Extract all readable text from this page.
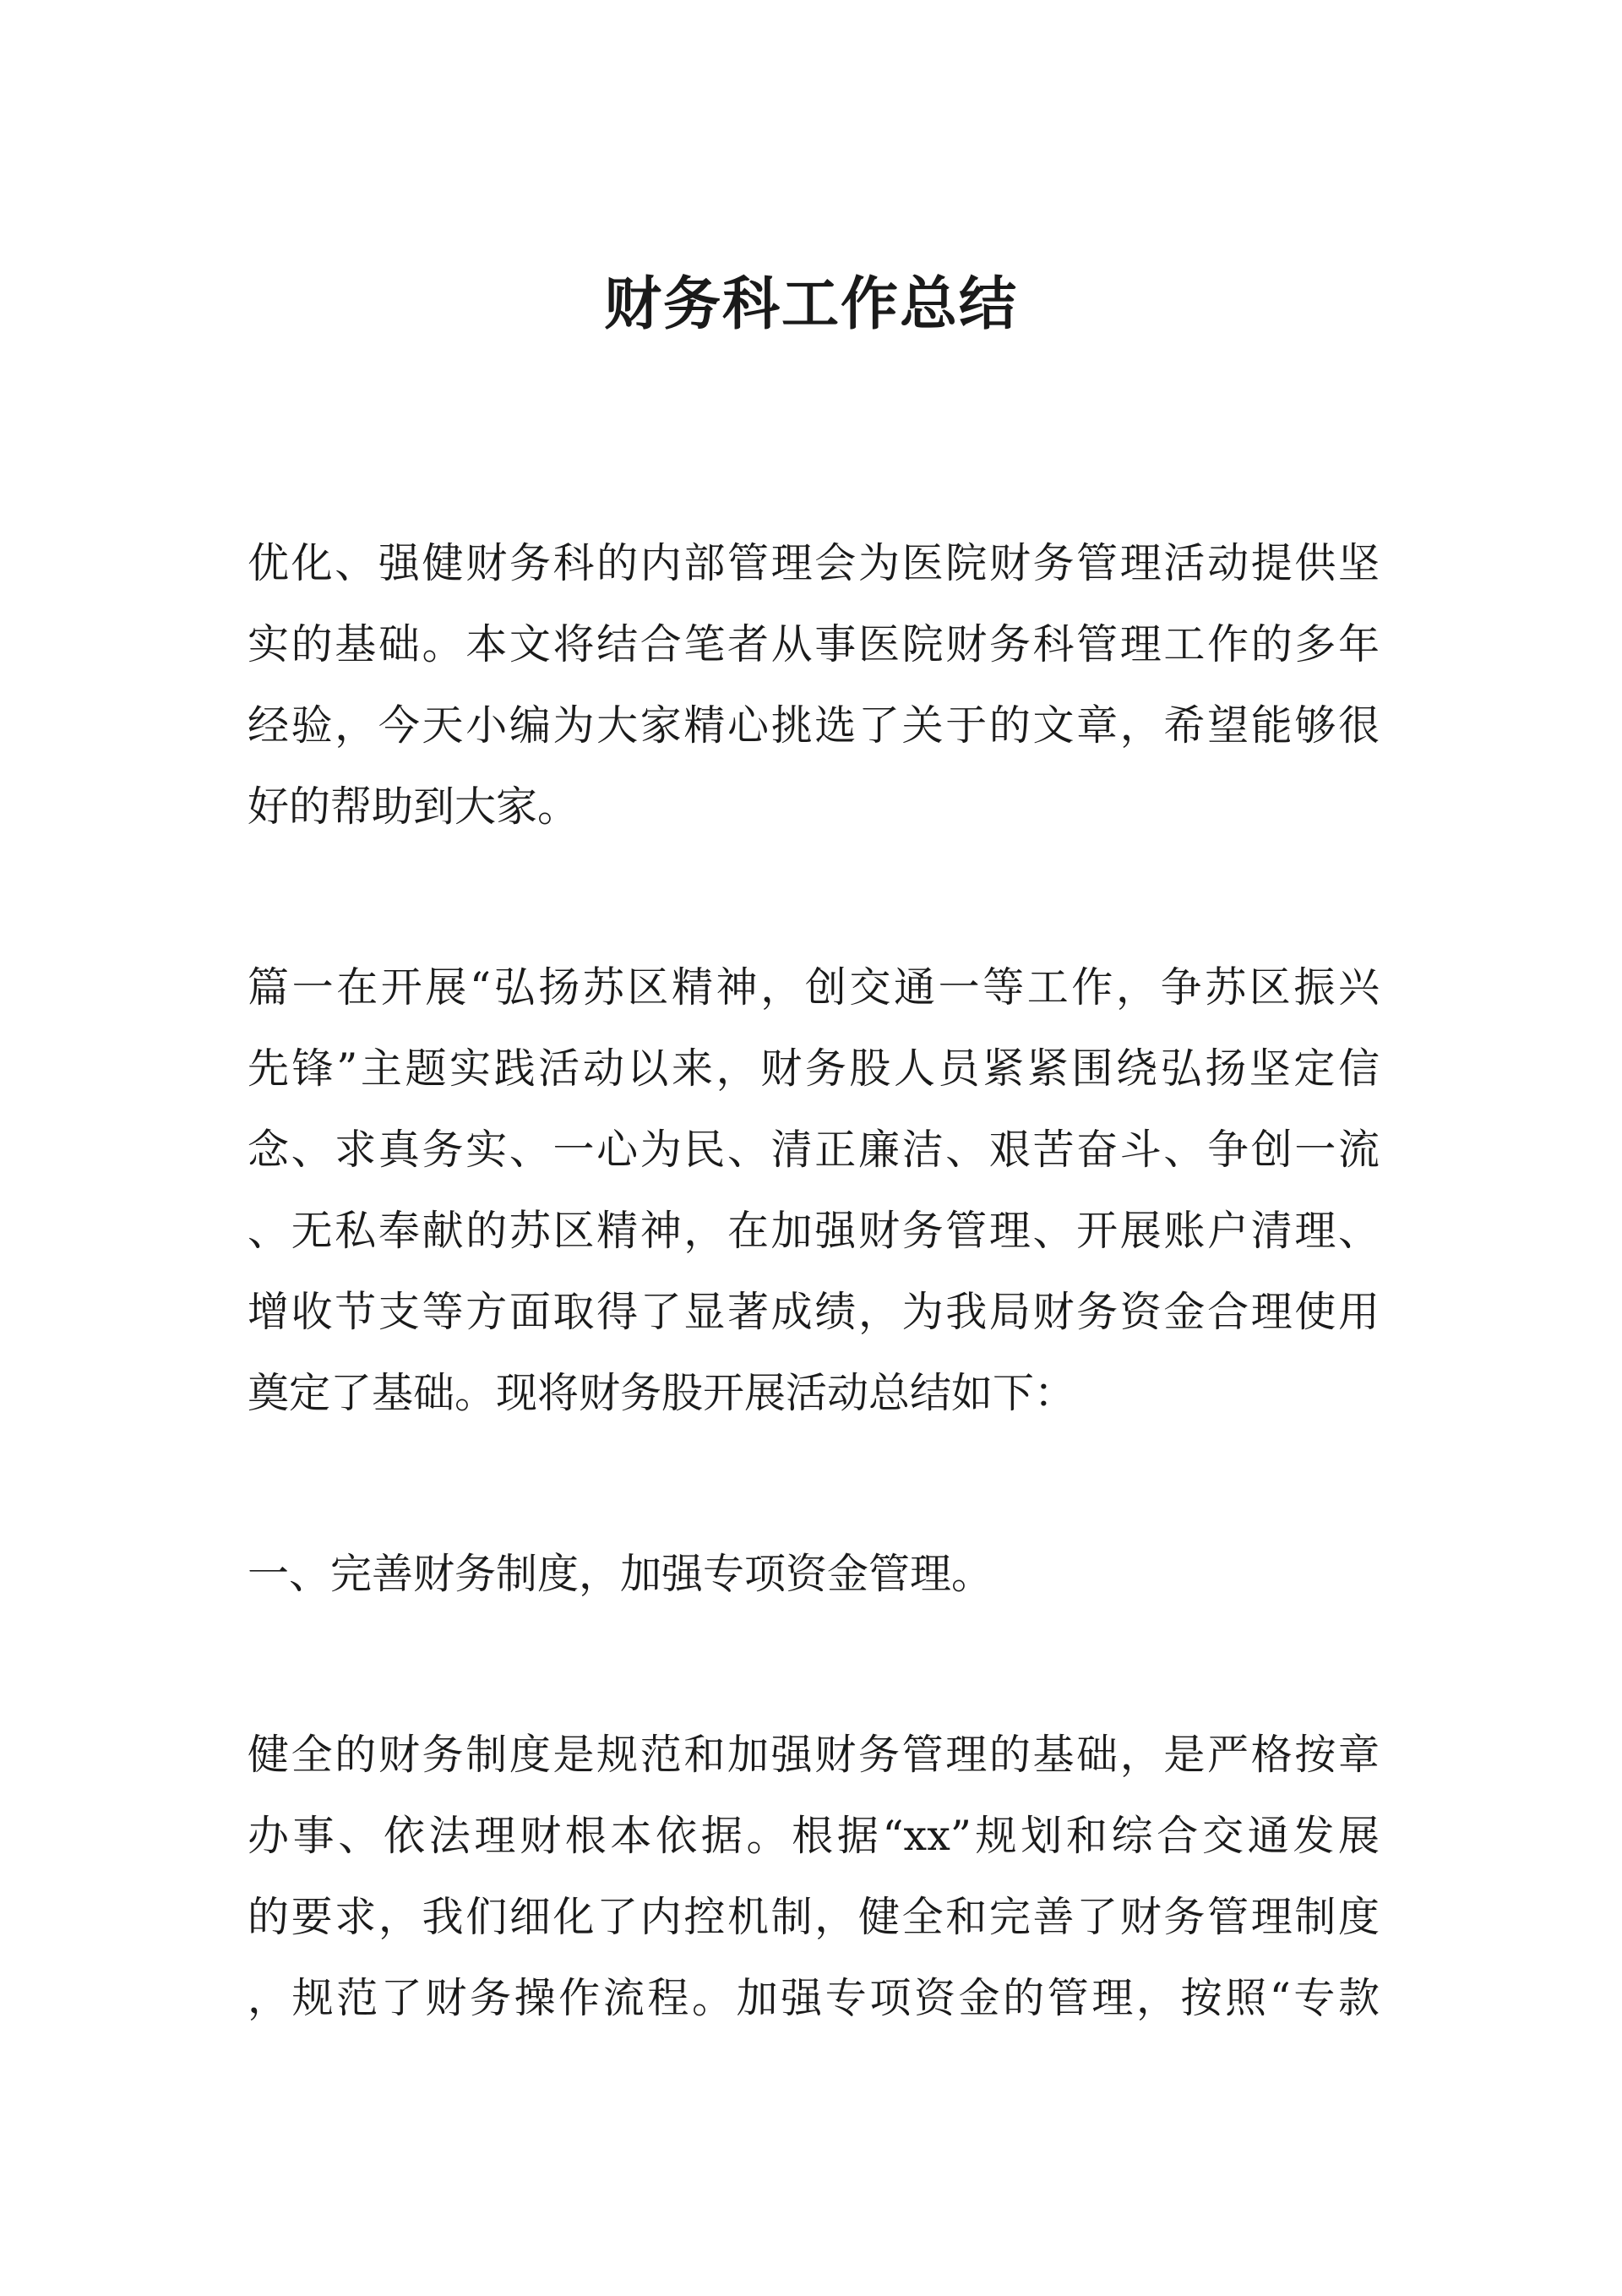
财务科工作总结

优化、强健财务科的内部管理会为医院财务管理活动提供坚

实的基础。本文将结合笔者从事医院财务科管理工作的多年

经验，今天小编为大家精心挑选了关于的文章，希望能够很

好的帮助到大家。

篇一在开展“弘扬苏区精神，创交通一等工作，争苏区振兴

先锋”主题实践活动以来，财务股人员紧紧围绕弘扬坚定信

念、求真务实、一心为民、清正廉洁、艰苦奋斗、争创一流

、无私奉献的苏区精神，在加强财务管理、开展账户清理、

增收节支等方面取得了显著成绩，为我局财务资金合理使用

奠定了基础。现将财务股开展活动总结如下：

一、完善财务制度，加强专项资金管理。

健全的财务制度是规范和加强财务管理的基础，是严格按章

办事、依法理财根本依据。根据“xx”规划和综合交通发展

的要求，我们细化了内控机制，健全和完善了财务管理制度

，规范了财务操作流程。加强专项资金的管理，按照“专款
